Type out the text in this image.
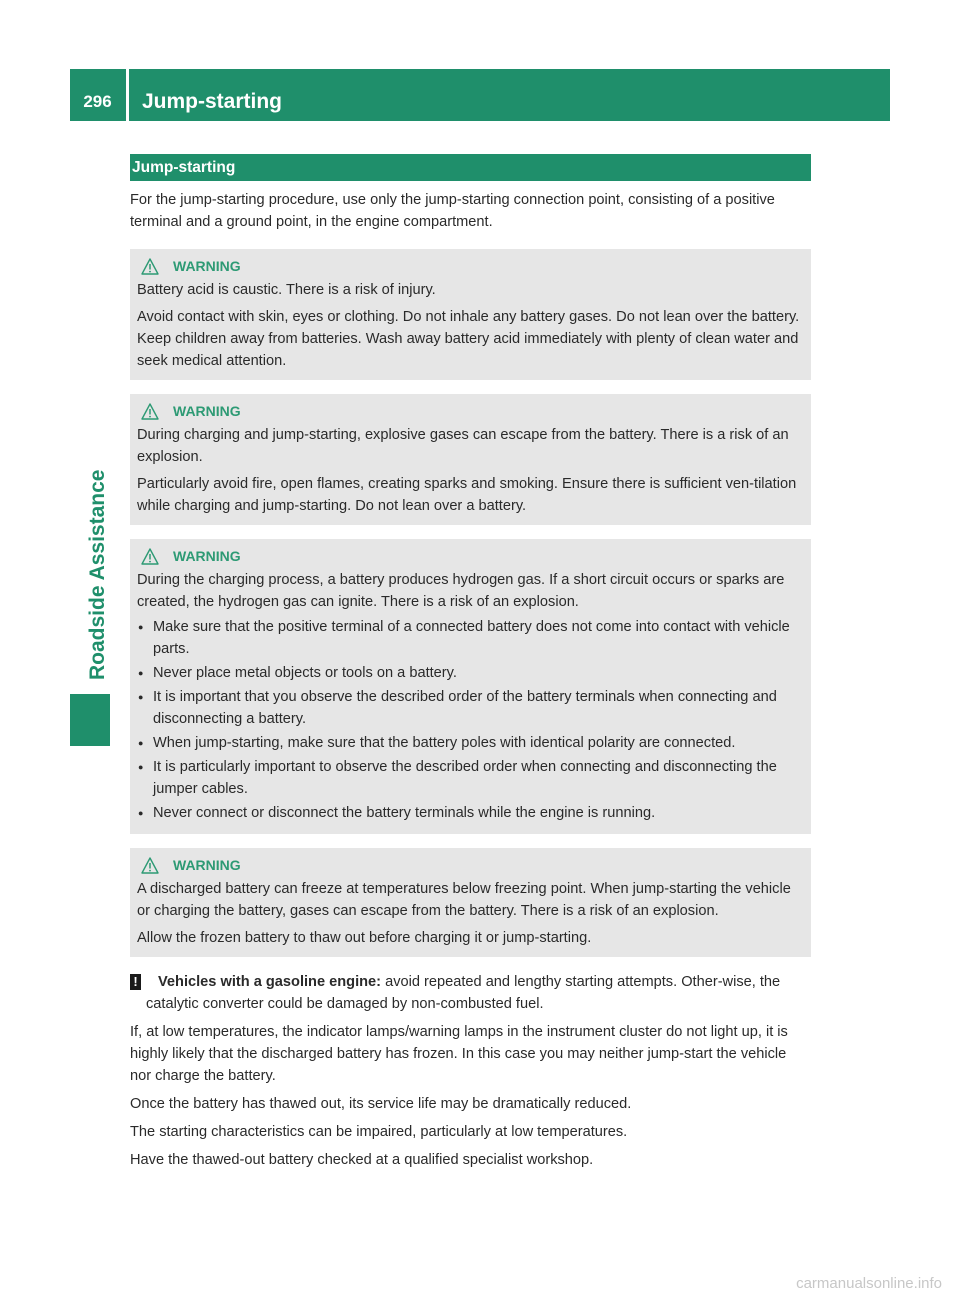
296	Jump-starting
Roadside Assistance
Jump-starting

For the jump-starting procedure, use only the jump-starting connection point, consisting of a positive terminal and a ground point, in the engine compartment.

WARNING

Battery acid is caustic. There is a risk of injury.

Avoid contact with skin, eyes or clothing. Do not inhale any battery gases. Do not lean over the battery. Keep children away from batteries. Wash away battery acid immediately with plenty of clean water and seek medical attention.

WARNING

During charging and jump-starting, explosive gases can escape from the battery. There is a risk of an explosion.

Particularly avoid fire, open flames, creating sparks and smoking. Ensure there is sufficient ven-tilation while charging and jump-starting. Do not lean over a battery.

WARNING

During the charging process, a battery produces hydrogen gas. If a short circuit occurs or sparks are created, the hydrogen gas can ignite. There is a risk of an explosion.

● Make sure that the positive terminal of a connected battery does not come into contact with vehicle parts.
● Never place metal objects or tools on a battery.
● It is important that you observe the described order of the battery terminals when connecting and disconnecting a battery.
● When jump-starting, make sure that the battery poles with identical polarity are connected.
● It is particularly important to observe the described order when connecting and disconnecting the jumper cables.
● Never connect or disconnect the battery terminals while the engine is running.
WARNING

A discharged battery can freeze at temperatures below freezing point. When jump-starting the vehicle or charging the battery, gases can escape from the battery. There is a risk of an explosion.

Allow the frozen battery to thaw out before charging it or jump-starting.

! Vehicles with a gasoline engine: avoid repeated and lengthy starting attempts. Other-wise, the catalytic converter could be damaged by non-combusted fuel.

If, at low temperatures, the indicator lamps/warning lamps in the instrument cluster do not light up, it is highly likely that the discharged battery has frozen. In this case you may neither jump-start the vehicle nor charge the battery.

Once the battery has thawed out, its service life may be dramatically reduced.

The starting characteristics can be impaired, particularly at low temperatures.

Have the thawed-out battery checked at a qualified specialist workshop.

carmanualsonline.info
